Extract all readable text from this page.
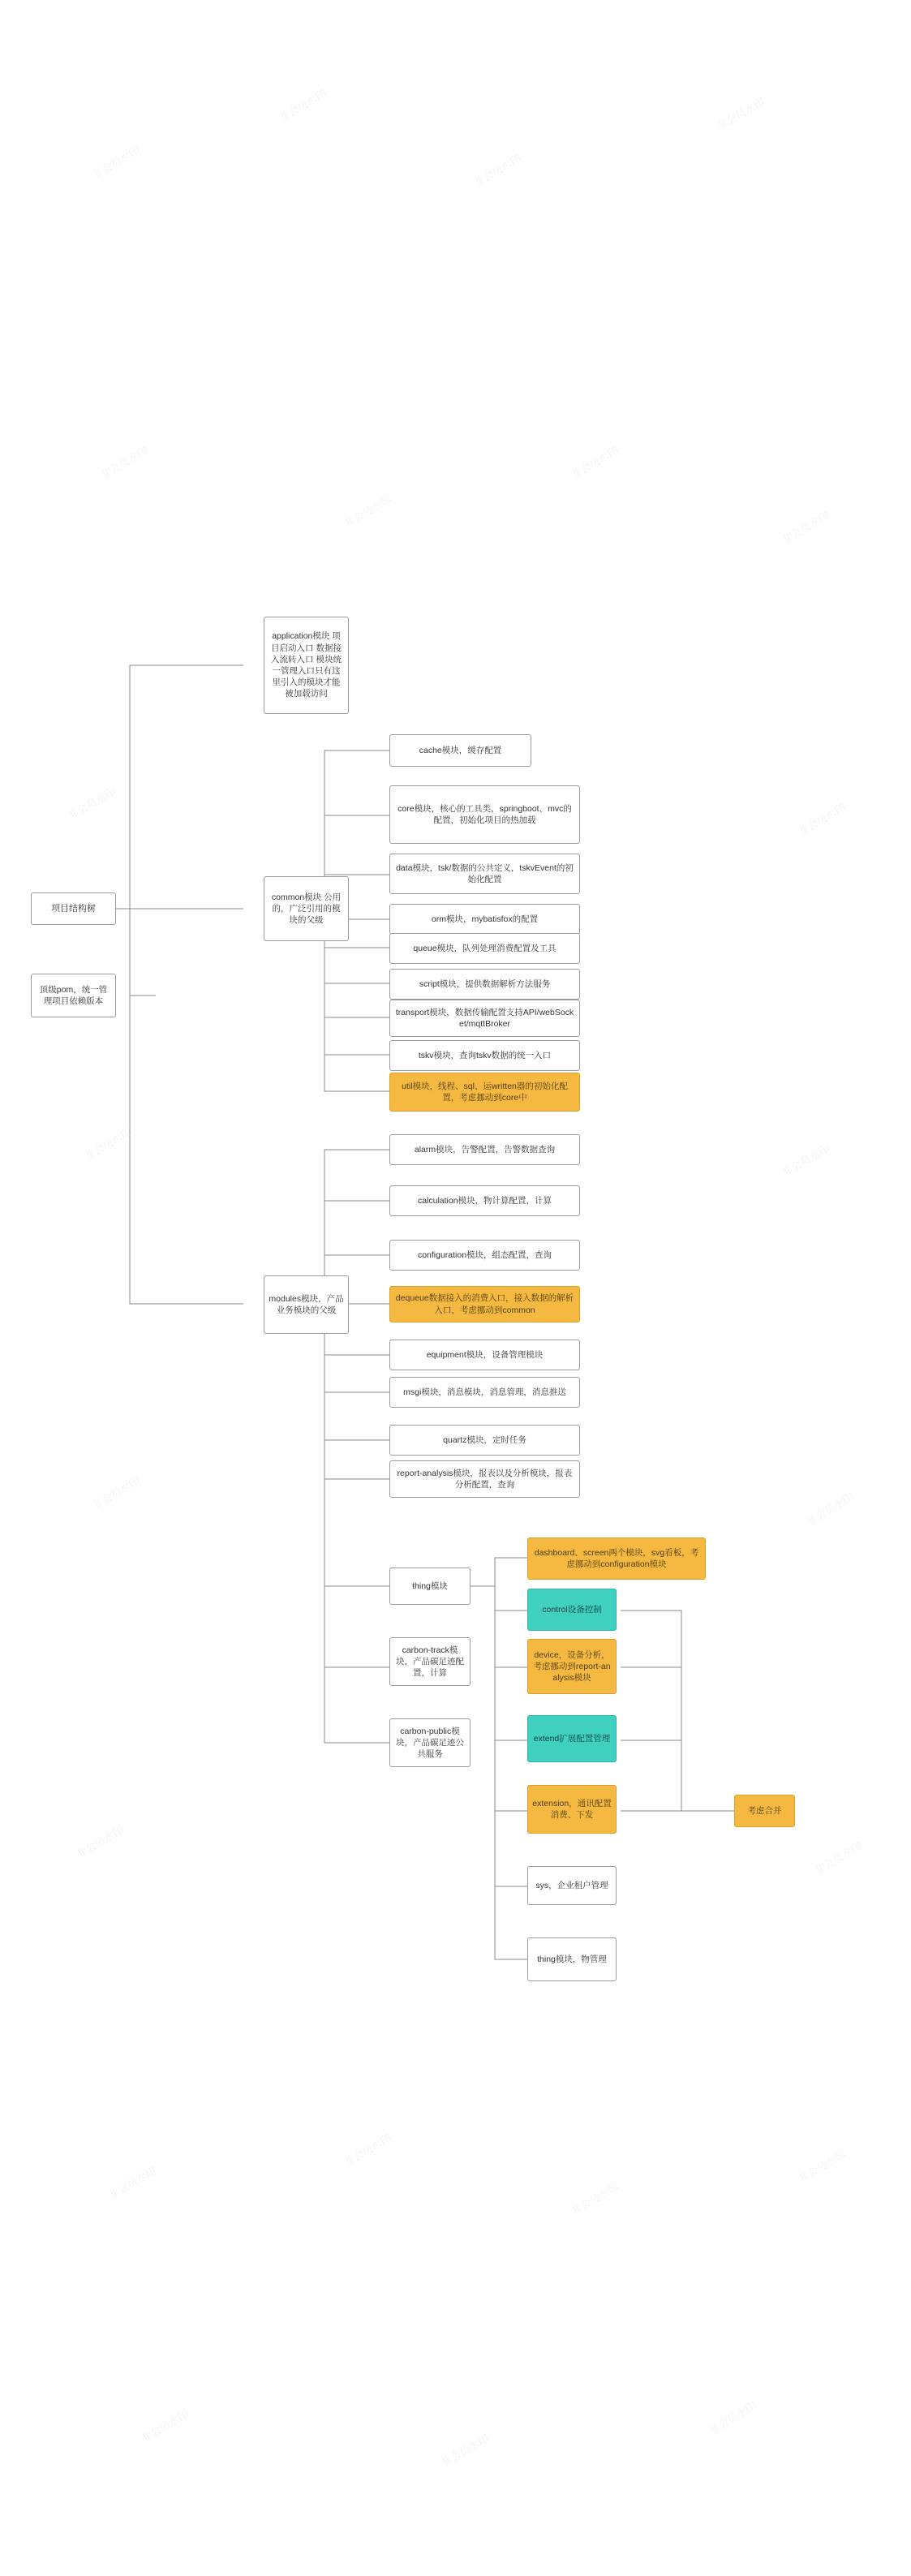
非会员水印
非会员水印
非会员水印
非会员水印
非会员水印
非会员水印
非会员水印
非会员水印
非会员水印	非会员水印
非会员水印	非会员水印
非会员水印	非会员水印
非会员水印	非会员水印
非会员水印
非会员水印
非会员水印
非会员水印
非会员水印
非会员水印
非会员水印
项目结构树
顶级pom，统一管理项目依赖版本
application模块 项目启动入口 数据接入流转入口 模块统一管理入口只有这里引入的模块才能被加载访问
common模块 公用的，广泛引用的模块的父级
cache模块，缓存配置
core模块，核心的工具类，springboot、mvc的配置，初始化项目的热加载
data模块，tsk/数据的公共定义，tskvEvent的初始化配置
orm模块，mybatisfox的配置
queue模块，队列处理消费配置及工具
script模块，提供数据解析方法服务
transport模块，数据传输配置支持API/webSocket/mqttBroker
tskv模块，查询tskv数据的统一入口
util模块，线程、sql、运written器的初始化配置，考虑挪动到core中
modules模块，产品业务模块的父级
alarm模块，告警配置，告警数据查询
calculation模块，物计算配置，计算
configuration模块，组态配置，查询
dequeue数据接入的消费入口，接入数据的解析入口，考虑挪动到common
equipment模块，设备管理模块
msgi模块，消息模块，消息管理，消息推送
quartz模块，定时任务
report-analysis模块，报表以及分析模块，报表分析配置，查询
thing模块
carbon-track模块，产品碳足迹配置，计算
carbon-public模块，产品碳足迹公共服务
dashboard、screen两个模块，svg看板，考虑挪动到configuration模块
control设备控制
device，设备分析，考虑挪动到report-analysis模块
extend扩展配置管理
extension，通讯配置消费、下发
sys，企业租户管理
thing模块，物管理
考虑合并
